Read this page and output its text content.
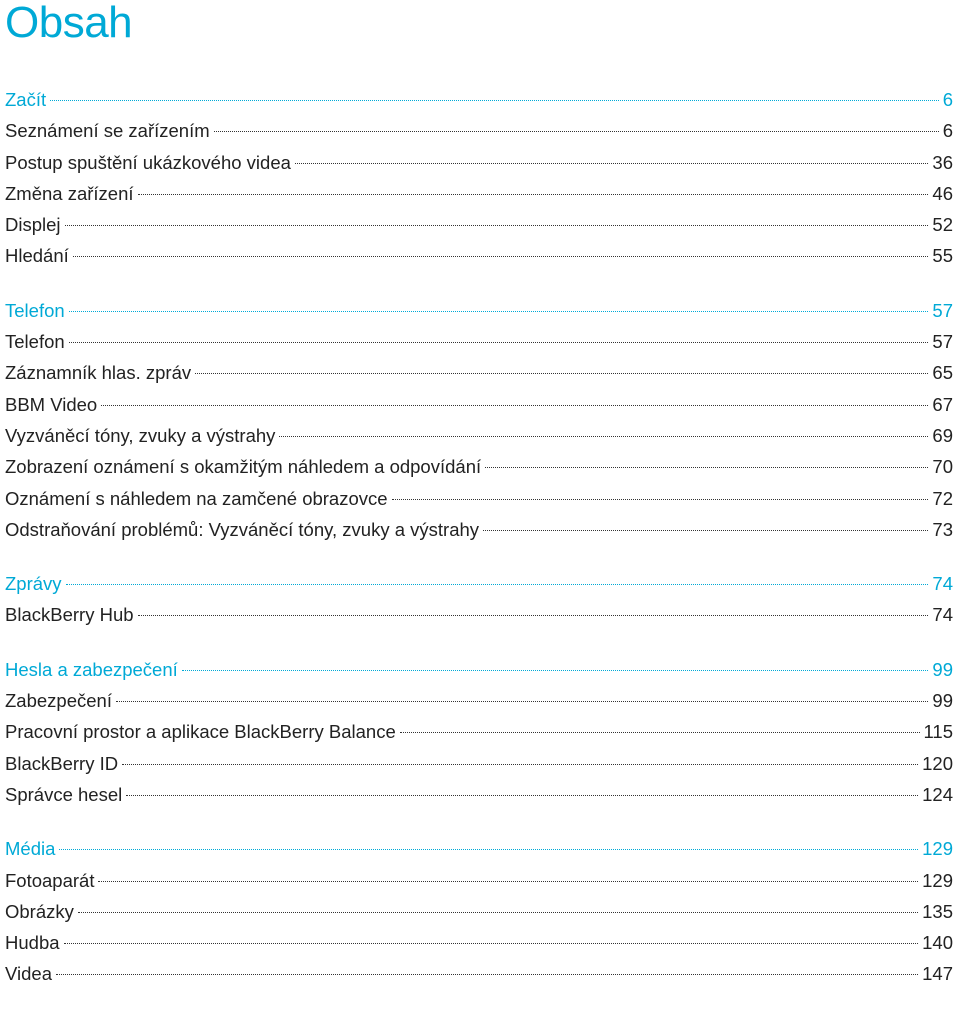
Obsah
Začít	6
Seznámení se zařízením	6
Postup spuštění ukázkového videa	36
Změna zařízení	46
Displej	52
Hledání	55
Telefon	57
Telefon	57
Záznamník hlas. zpráv	65
BBM Video	67
Vyzváněcí tóny, zvuky a výstrahy	69
Zobrazení oznámení s okamžitým náhledem a odpovídání	70
Oznámení s náhledem na zamčené obrazovce	72
Odstraňování problémů: Vyzváněcí tóny, zvuky a výstrahy	73
Zprávy	74
BlackBerry Hub	74
Hesla a zabezpečení	99
Zabezpečení	99
Pracovní prostor a aplikace BlackBerry Balance	115
BlackBerry ID	120
Správce hesel	124
Média	129
Fotoaparát	129
Obrázky	135
Hudba	140
Videa	147
